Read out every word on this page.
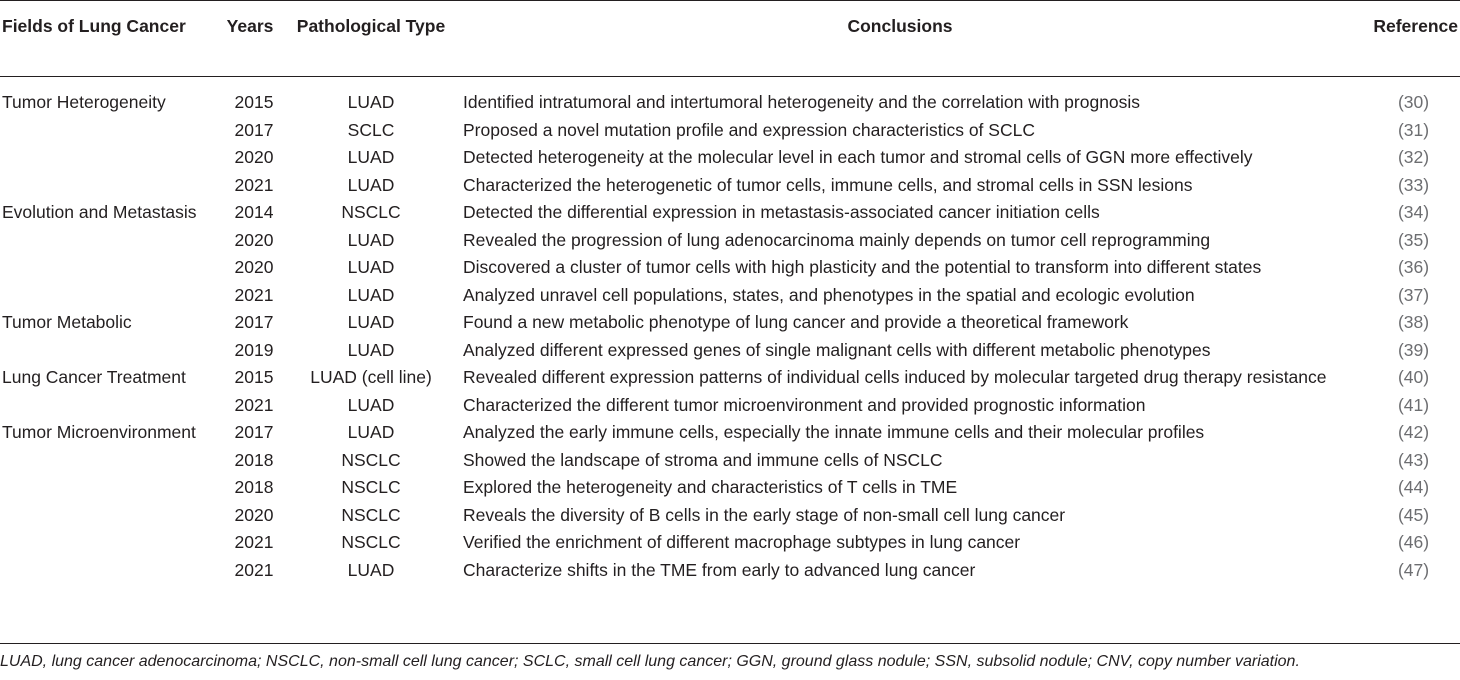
Fields of Lung Cancer	Years	Pathological Type	Conclusions	Reference
Tumor Heterogeneity	2015	LUAD	Identified intratumoral and intertumoral heterogeneity and the correlation with prognosis	(30)
	2017	SCLC	Proposed a novel mutation profile and expression characteristics of SCLC	(31)
	2020	LUAD	Detected heterogeneity at the molecular level in each tumor and stromal cells of GGN more effectively	(32)
	2021	LUAD	Characterized the heterogenetic of tumor cells, immune cells, and stromal cells in SSN lesions	(33)
Evolution and Metastasis	2014	NSCLC	Detected the differential expression in metastasis-associated cancer initiation cells	(34)
	2020	LUAD	Revealed the progression of lung adenocarcinoma mainly depends on tumor cell reprogramming	(35)
	2020	LUAD	Discovered a cluster of tumor cells with high plasticity and the potential to transform into different states	(36)
	2021	LUAD	Analyzed unravel cell populations, states, and phenotypes in the spatial and ecologic evolution	(37)
Tumor Metabolic	2017	LUAD	Found a new metabolic phenotype of lung cancer and provide a theoretical framework	(38)
	2019	LUAD	Analyzed different expressed genes of single malignant cells with different metabolic phenotypes	(39)
Lung Cancer Treatment	2015	LUAD (cell line)	Revealed different expression patterns of individual cells induced by molecular targeted drug therapy resistance	(40)
	2021	LUAD	Characterized the different tumor microenvironment and provided prognostic information	(41)
Tumor Microenvironment	2017	LUAD	Analyzed the early immune cells, especially the innate immune cells and their molecular profiles	(42)
	2018	NSCLC	Showed the landscape of stroma and immune cells of NSCLC	(43)
	2018	NSCLC	Explored the heterogeneity and characteristics of T cells in TME	(44)
	2020	NSCLC	Reveals the diversity of B cells in the early stage of non-small cell lung cancer	(45)
	2021	NSCLC	Verified the enrichment of different macrophage subtypes in lung cancer	(46)
	2021	LUAD	Characterize shifts in the TME from early to advanced lung cancer	(47)
LUAD, lung cancer adenocarcinoma; NSCLC, non-small cell lung cancer; SCLC, small cell lung cancer; GGN, ground glass nodule; SSN, subsolid nodule; CNV, copy number variation.
